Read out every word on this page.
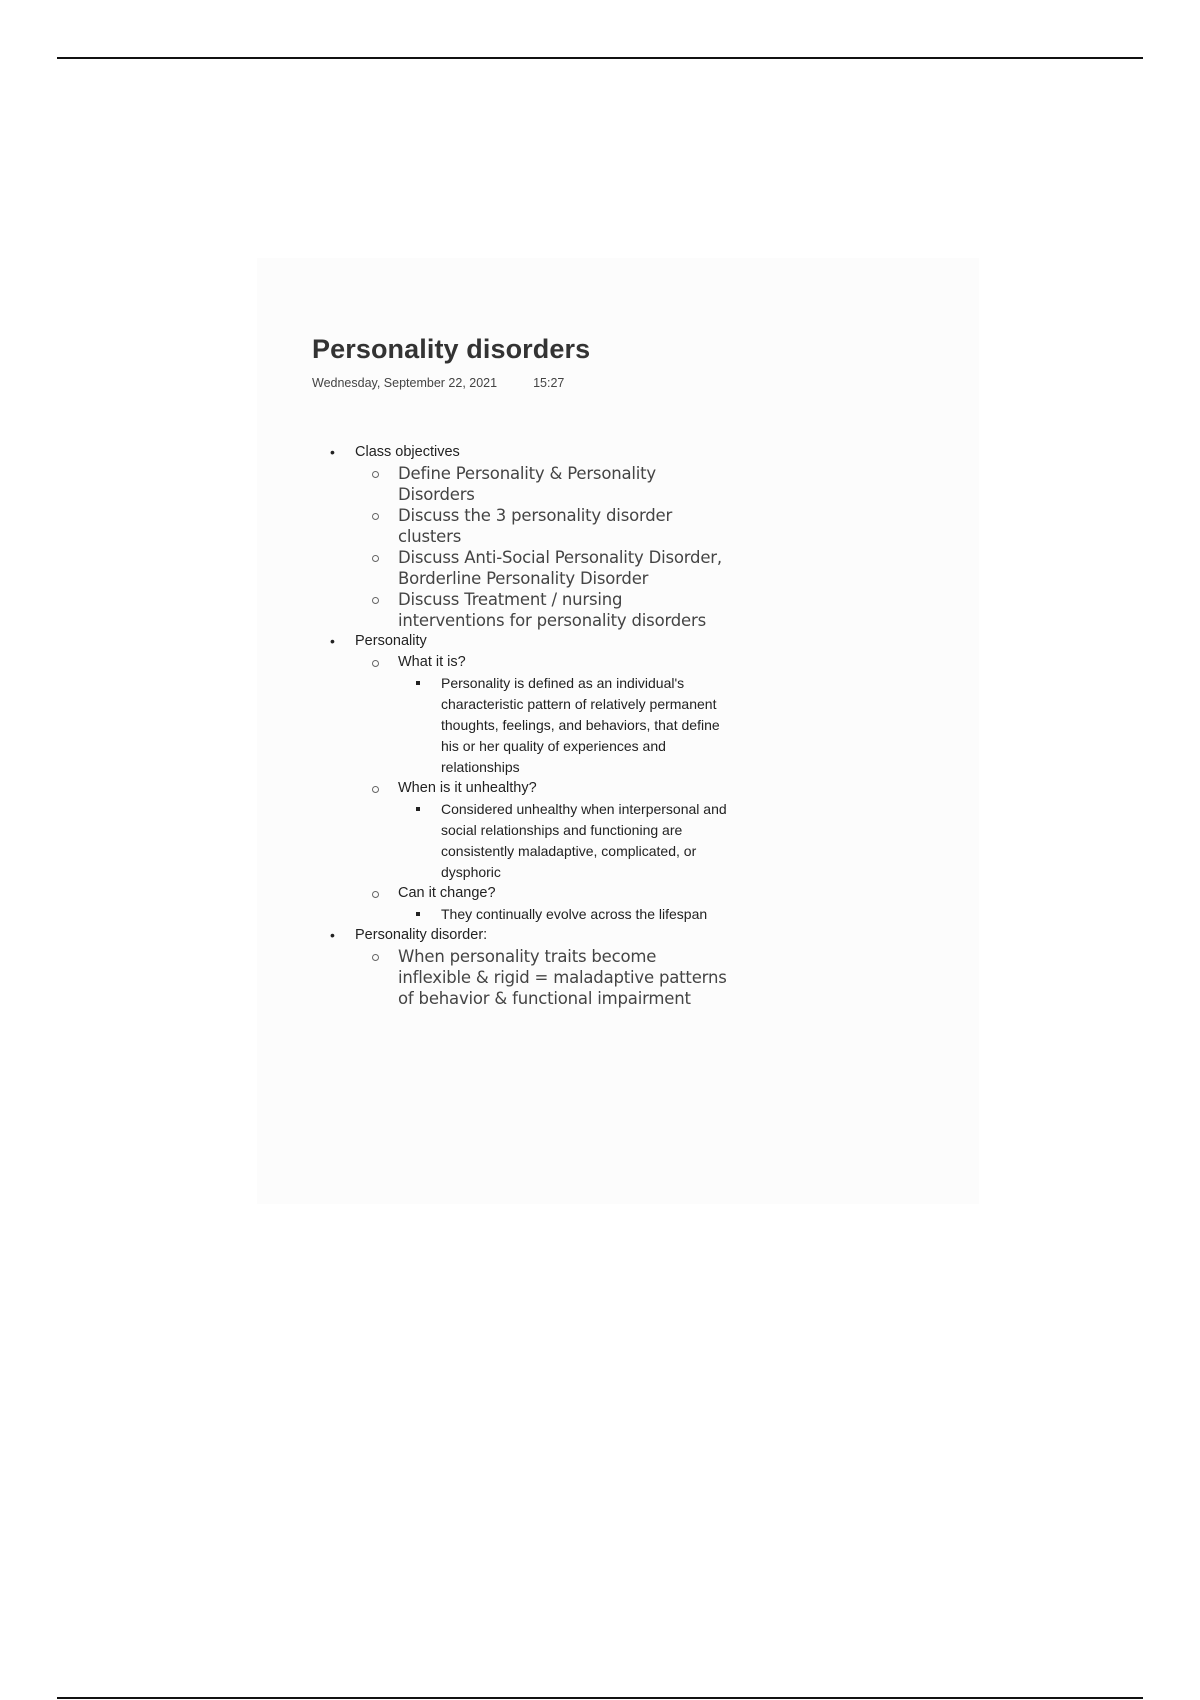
Personality disorders
Wednesday, September 22, 2021	15:27
• Class objectives
Define Personality & Personality Disorders
Discuss the 3 personality disorder clusters
Discuss Anti-Social Personality Disorder, Borderline Personality Disorder
Discuss Treatment / nursing interventions for personality disorders
• Personality
What it is?
Personality is defined as an individual's characteristic pattern of relatively permanent thoughts, feelings, and behaviors, that define his or her quality of experiences and relationships
When is it unhealthy?
Considered unhealthy when interpersonal and social relationships and functioning are consistently maladaptive, complicated, or dysphoric
Can it change?
They continually evolve across the lifespan
• Personality disorder:
When personality traits become inflexible & rigid = maladaptive patterns of behavior & functional impairment
